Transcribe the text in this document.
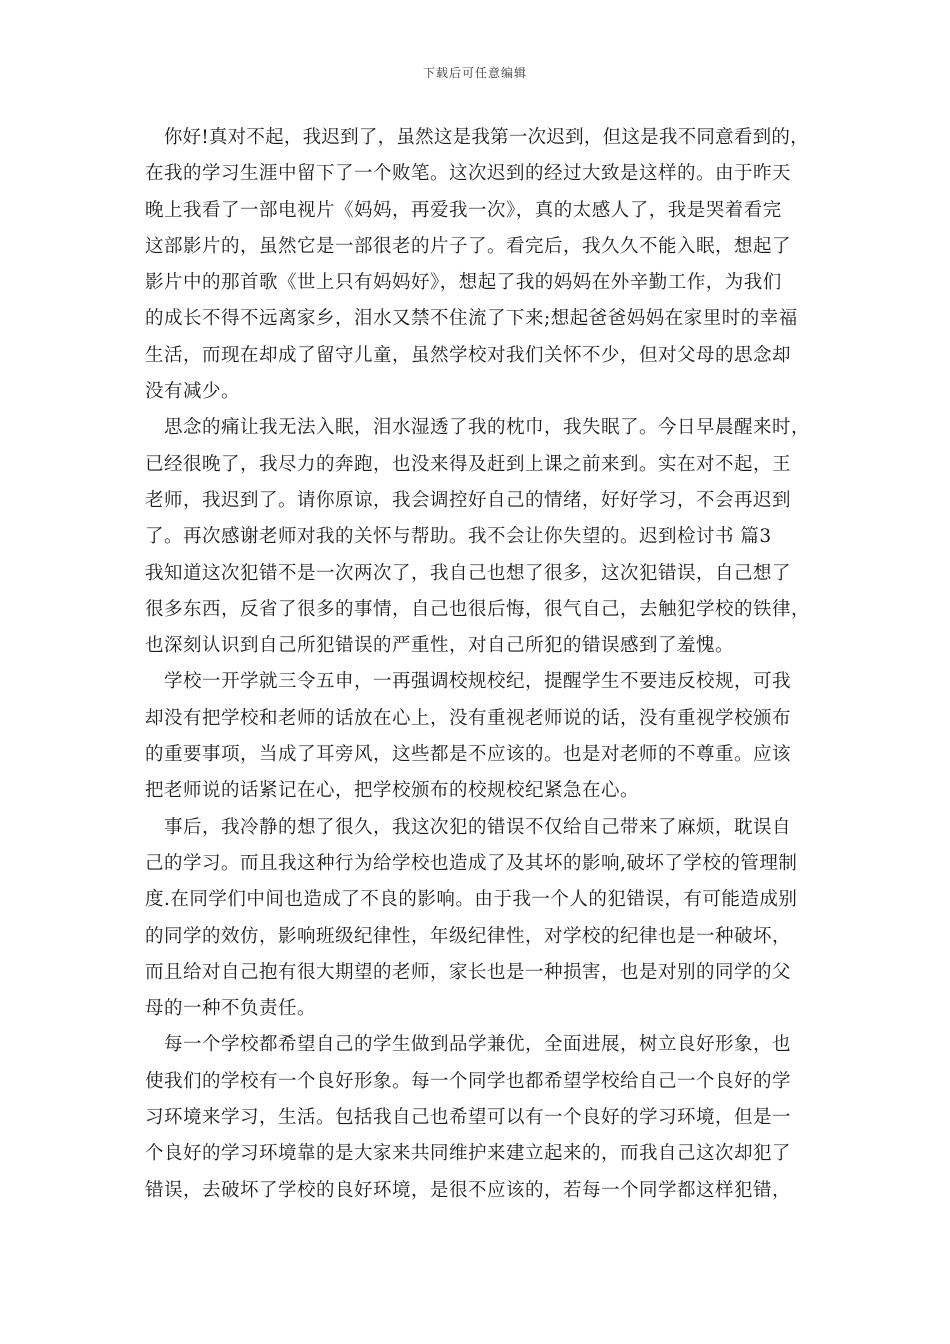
下载后可任意编辑
　你好!真对不起，我迟到了，虽然这是我第一次迟到，但这是我不同意看到的，
在我的学习生涯中留下了一个败笔。这次迟到的经过大致是这样的。由于昨天
晚上我看了一部电视片《妈妈，再爱我一次》，真的太感人了，我是哭着看完
这部影片的，虽然它是一部很老的片子了。看完后，我久久不能入眠，想起了
影片中的那首歌《世上只有妈妈好》，想起了我的妈妈在外辛勤工作，为我们
的成长不得不远离家乡，泪水又禁不住流了下来;想起爸爸妈妈在家里时的幸福
生活，而现在却成了留守儿童，虽然学校对我们关怀不少，但对父母的思念却
没有减少。
　思念的痛让我无法入眠，泪水湿透了我的枕巾，我失眠了。今日早晨醒来时，
已经很晚了，我尽力的奔跑，也没来得及赶到上课之前来到。实在对不起，王
老师，我迟到了。请你原谅，我会调控好自己的情绪，好好学习，不会再迟到
了。再次感谢老师对我的关怀与帮助。我不会让你失望的。迟到检讨书 篇3
我知道这次犯错不是一次两次了，我自己也想了很多，这次犯错误，自己想了
很多东西，反省了很多的事情，自己也很后悔，很气自己，去触犯学校的铁律，
也深刻认识到自己所犯错误的严重性，对自己所犯的错误感到了羞愧。
　学校一开学就三令五申，一再强调校规校纪，提醒学生不要违反校规，可我
却没有把学校和老师的话放在心上，没有重视老师说的话，没有重视学校颁布
的重要事项，当成了耳旁风，这些都是不应该的。也是对老师的不尊重。应该
把老师说的话紧记在心，把学校颁布的校规校纪紧急在心。
　事后，我冷静的想了很久，我这次犯的错误不仅给自己带来了麻烦，耽误自
己的学习。而且我这种行为给学校也造成了及其坏的影响,破坏了学校的管理制
度.在同学们中间也造成了不良的影响。由于我一个人的犯错误，有可能造成别
的同学的效仿，影响班级纪律性，年级纪律性，对学校的纪律也是一种破坏，
而且给对自己抱有很大期望的老师，家长也是一种损害，也是对别的同学的父
母的一种不负责任。
　每一个学校都希望自己的学生做到品学兼优，全面进展，树立良好形象，也
使我们的学校有一个良好形象。每一个同学也都希望学校给自己一个良好的学
习环境来学习，生活。包括我自己也希望可以有一个良好的学习环境，但是一
个良好的学习环境靠的是大家来共同维护来建立起来的，而我自己这次却犯了
错误，去破坏了学校的良好环境，是很不应该的，若每一个同学都这样犯错，
